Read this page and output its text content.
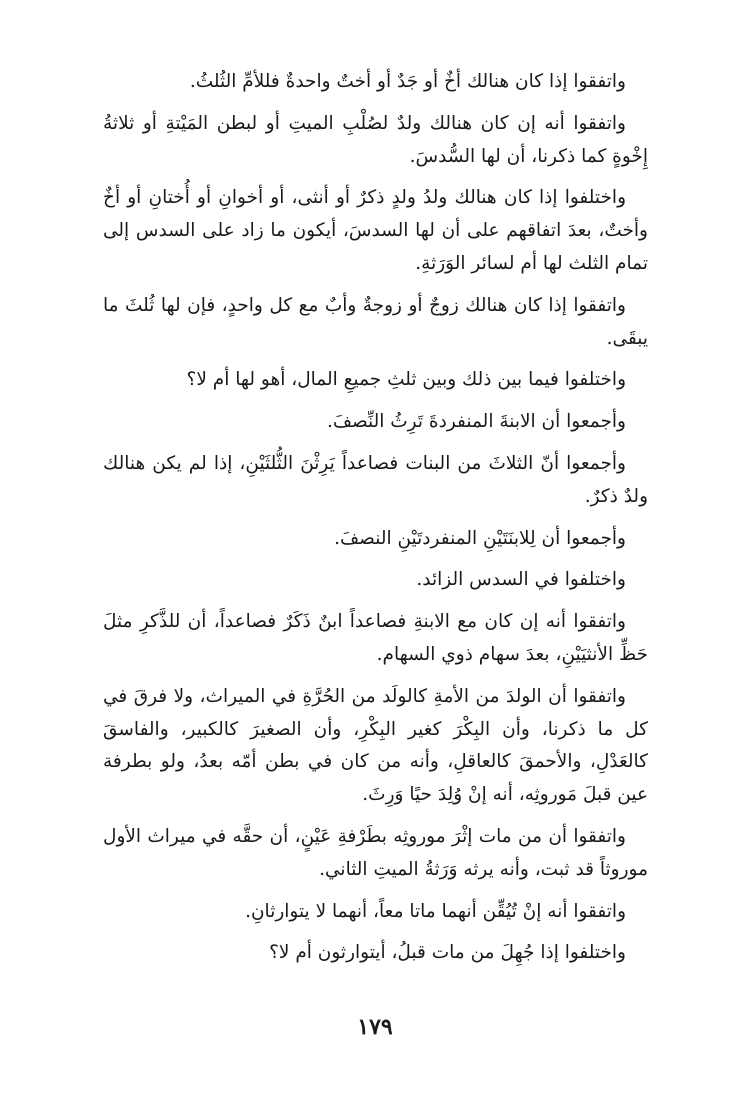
واتفقوا إذا كان هنالك أخٌ أو جَدٌ أو أختٌ واحدةٌ فللأمِّ الثُلثُ.

واتفقوا أنه إن كان هنالك ولدٌ لصُلْبِ الميتِ أو لبطن المَيْتةِ أو ثلاثةُ إِخْوةٍ كما ذكرنا، أن لها السُّدسَ.

واختلفوا إذا كان هنالك ولدُ ولدٍ ذكرٌ أو أنثى، أو أخوانِ أو أُختانِ أو أخٌ وأختٌ، بعدَ اتفاقهم على أن لها السدسَ، أيكون ما زاد على السدس إلى تمام الثلث لها أم لسائر الوَرَثةِ.

واتفقوا إذا كان هنالك زوجٌ أو زوجةٌ وأبٌ مع كل واحدٍ، فإن لها ثُلثَ ما يبقَى.

واختلفوا فيما بين ذلك وبين ثلثِ جميعِ المال، أهو لها أم لا؟

وأجمعوا أن الابنةَ المنفردةَ تَرِثُ النِّصفَ.

وأجمعوا أنّ الثلاثَ من البنات فصاعداً يَرِثْنَ الثُّلثَيْنِ، إذا لم يكن هنالك ولدٌ ذكرٌ.

وأجمعوا أن لِلابنَتَيْنِ المنفردتَيْنِ النصفَ.

واختلفوا في السدس الزائد.

واتفقوا أنه إن كان مع الابنةِ فصاعداً ابنٌ ذَكَرٌ فصاعداً، أن للذَّكرِ مثلَ حَظِّ الأنثيَيْنِ، بعدَ سهام ذوي السهام.

واتفقوا أن الولدَ من الأمةِ كالولَد من الحُرَّةِ في الميراث، ولا فرقَ في كل ما ذكرنا، وأن البِكْرَ كغير البِكْرِ، وأن الصغيرَ كالكبير، والفاسقَ كالعَدْلِ، والأحمقَ كالعاقلِ، وأنه من كان في بطن أمّه بعدُ، ولو بطرفة عين قبلَ مَوروثِه، أنه إنْ وُلِدَ حيًا وَرِثَ.

واتفقوا أن من مات إثْرَ موروثِه بطَرْفةِ عَيْنٍ، أن حقَّه في ميراث الأول موروثاً قد ثبت، وأنه يرثه وَرَثةُ الميتِ الثاني.

واتفقوا أنه إنْ تُيُقِّن أنهما ماتا معاً، أنهما لا يتوارثانِ.

واختلفوا إذا جُهِلَ من مات قبلُ، أيتوارثون أم لا؟

١٧٩
